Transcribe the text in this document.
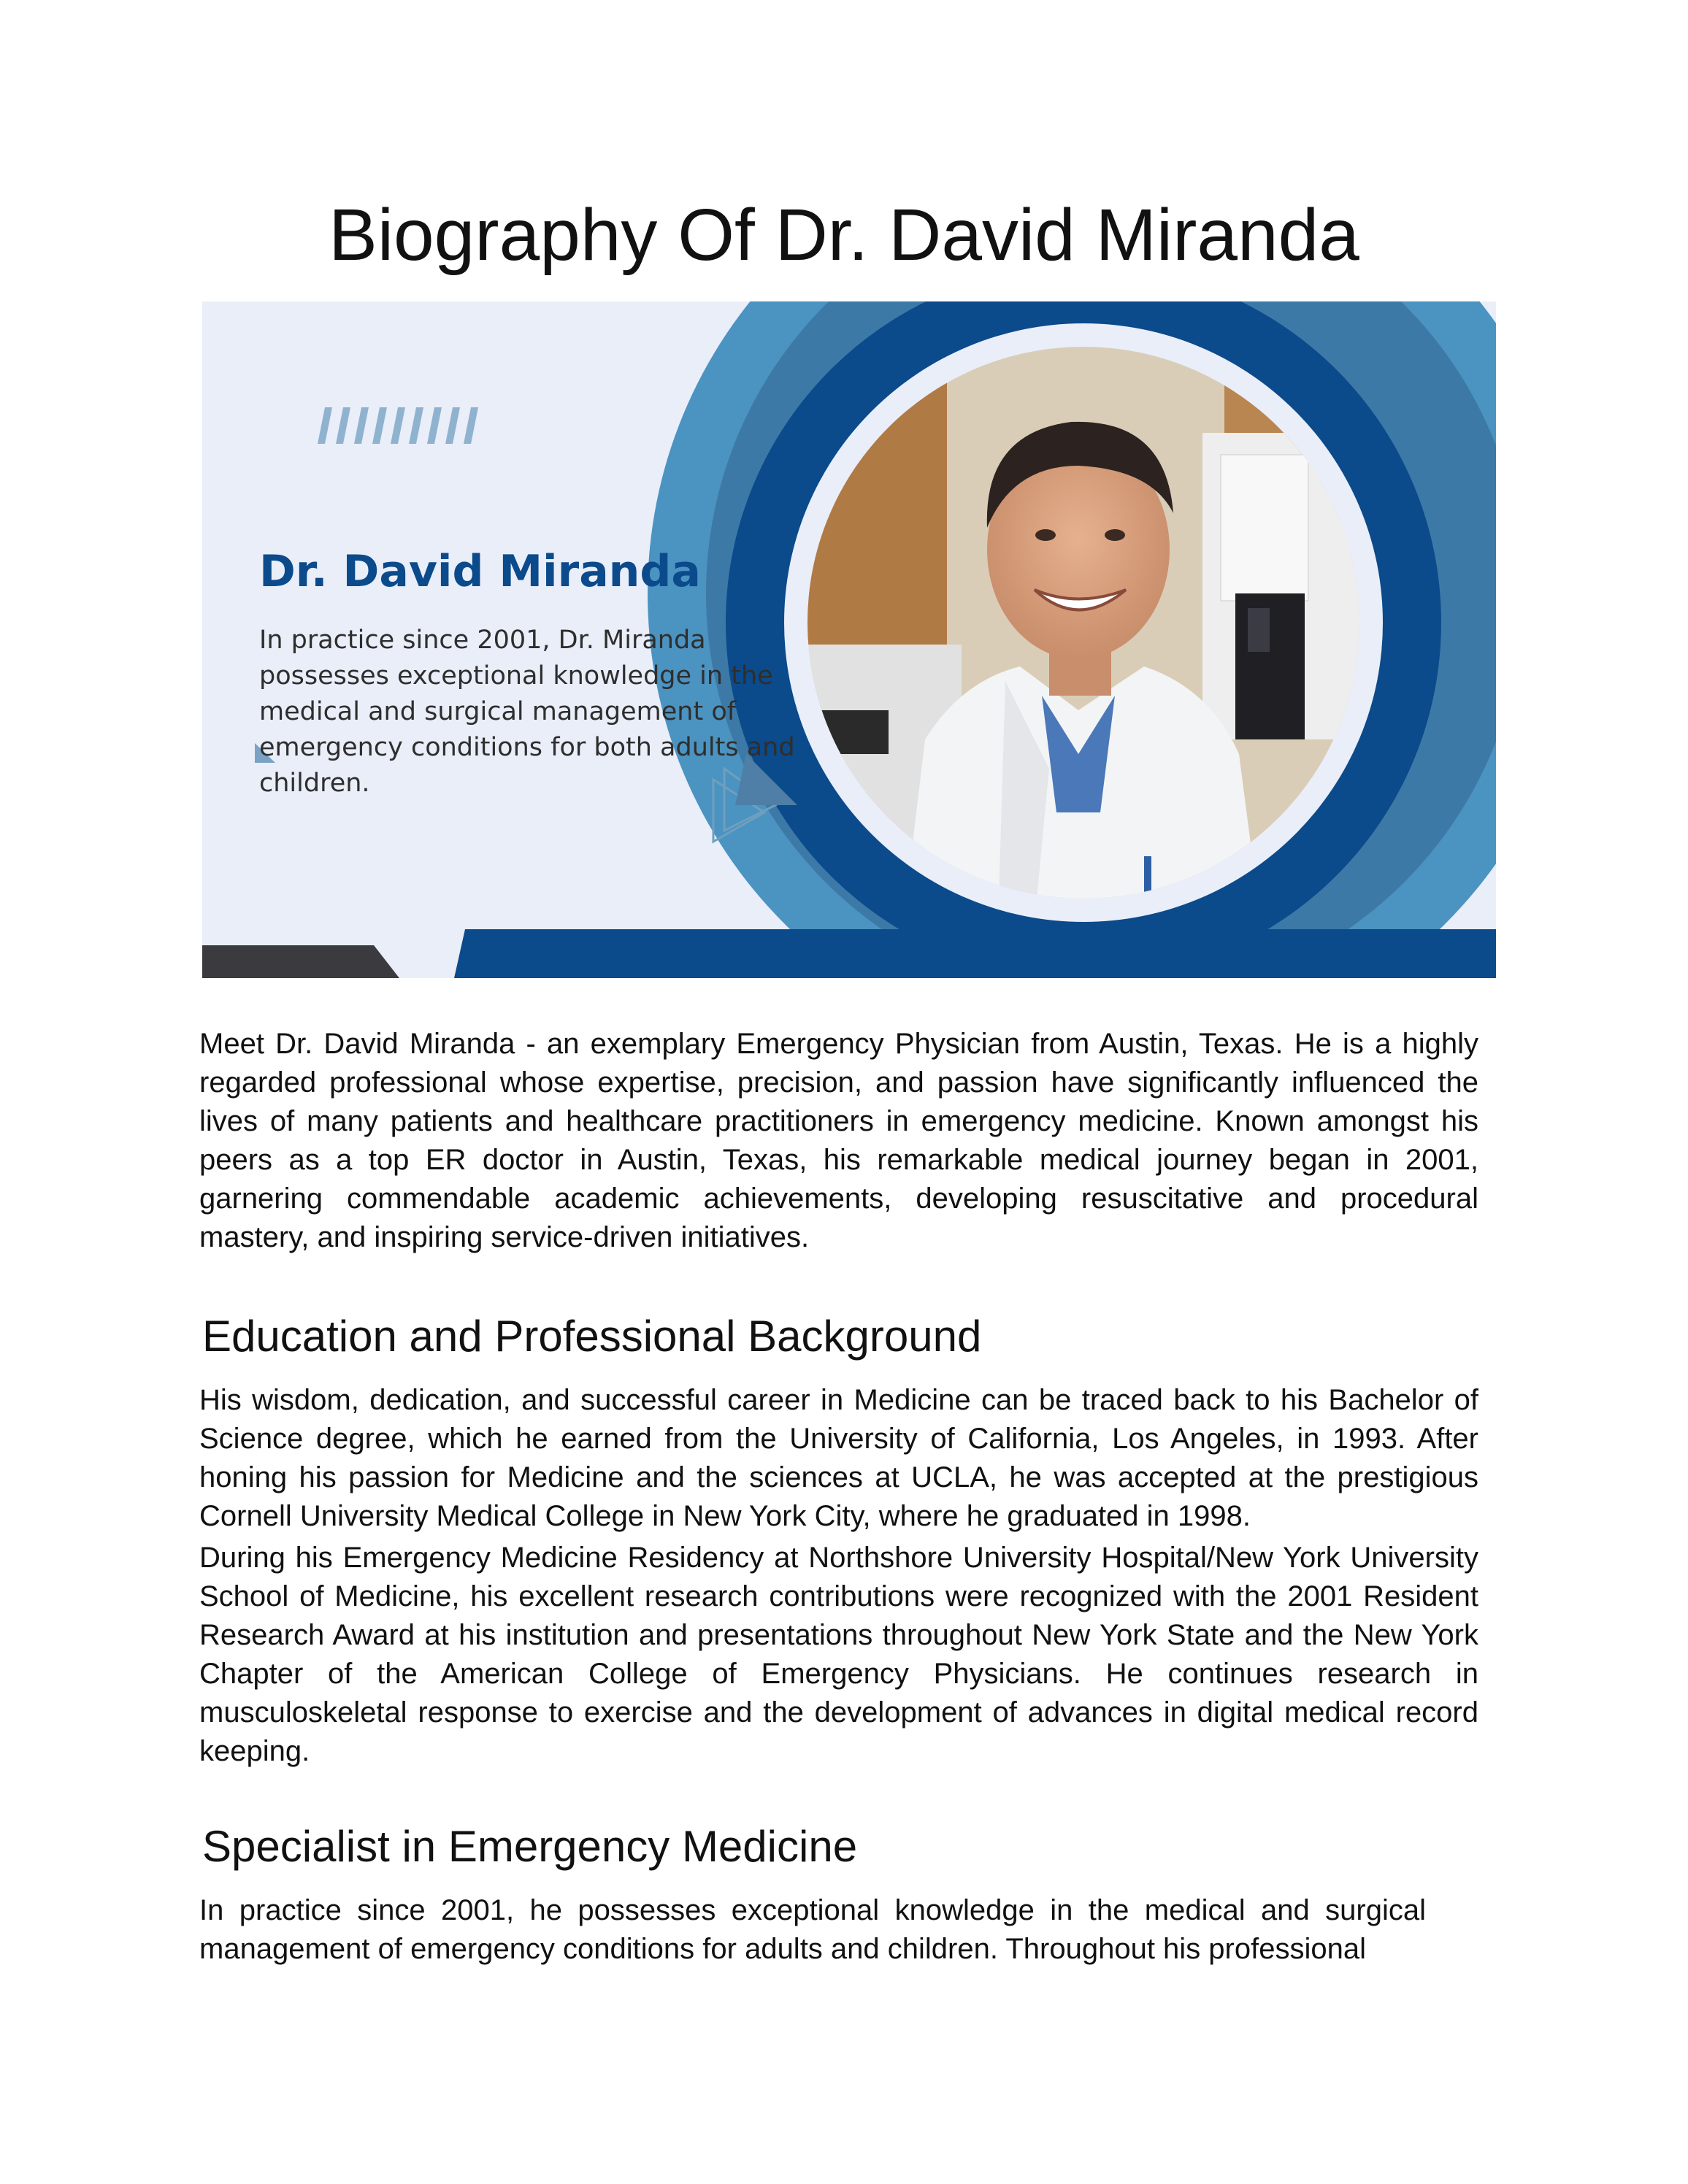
Biography Of Dr. David Miranda
Dr. David Miranda

In practice since 2001, Dr. Miranda possesses exceptional knowledge in the medical and surgical management of emergency conditions for both adults and children.

Meet Dr. David Miranda - an exemplary Emergency Physician from Austin, Texas. He is a highly regarded professional whose expertise, precision, and passion have significantly influenced the lives of many patients and healthcare practitioners in emergency medicine. Known amongst his peers as a top ER doctor in Austin, Texas, his remarkable medical journey began in 2001, garnering commendable academic achievements, developing resuscitative and procedural mastery, and inspiring service-driven initiatives.

Education and Professional Background

His wisdom, dedication, and successful career in Medicine can be traced back to his Bachelor of Science degree, which he earned from the University of California, Los Angeles, in 1993. After honing his passion for Medicine and the sciences at UCLA, he was accepted at the prestigious Cornell University Medical College in New York City, where he graduated in 1998.

During his Emergency Medicine Residency at Northshore University Hospital/New York University School of Medicine, his excellent research contributions were recognized with the 2001 Resident Research Award at his institution and presentations throughout New York State and the New York Chapter of the American College of Emergency Physicians. He continues research in musculoskeletal response to exercise and the development of advances in digital medical record keeping.

Specialist in Emergency Medicine

In practice since 2001, he possesses exceptional knowledge in the medical and surgical management of emergency conditions for adults and children. Throughout his professional
